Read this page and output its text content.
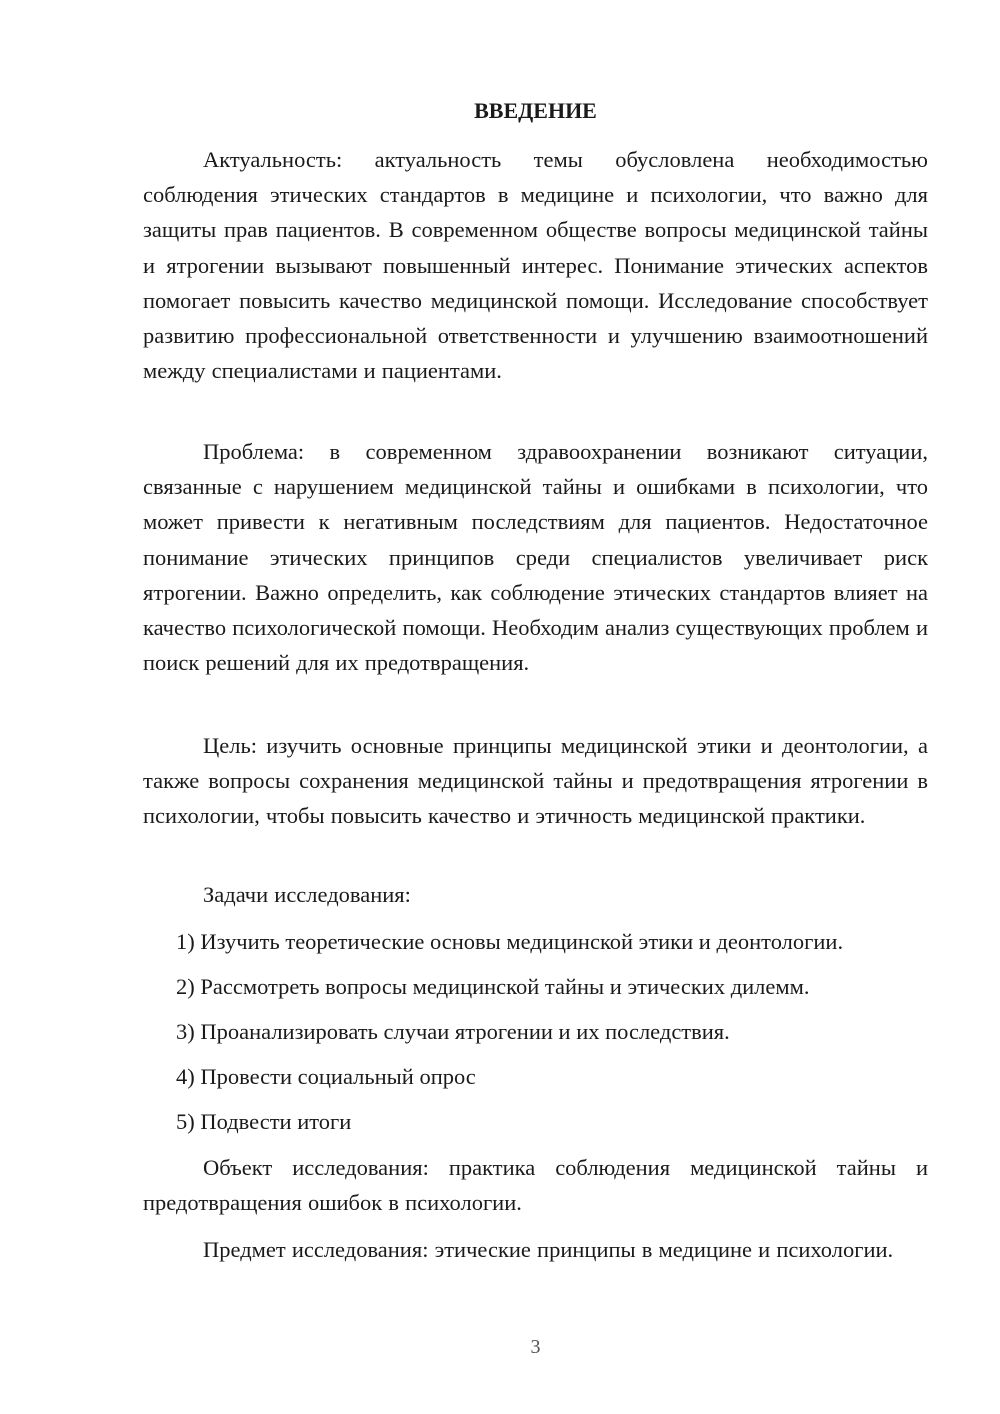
ВВЕДЕНИЕ

Актуальность: актуальность темы обусловлена необходимостью соблюдения этических стандартов в медицине и психологии, что важно для защиты прав пациентов. В современном обществе вопросы медицинской тайны и ятрогении вызывают повышенный интерес. Понимание этических аспектов помогает повысить качество медицинской помощи. Исследование способствует развитию профессиональной ответственности и улучшению взаимоотношений между специалистами и пациентами.

Проблема: в современном здравоохранении возникают ситуации, связанные с нарушением медицинской тайны и ошибками в психологии, что может привести к негативным последствиям для пациентов. Недостаточное понимание этических принципов среди специалистов увеличивает риск ятрогении. Важно определить, как соблюдение этических стандартов влияет на качество психологической помощи. Необходим анализ существующих проблем и поиск решений для их предотвращения.

Цель: изучить основные принципы медицинской этики и деонтологии, а также вопросы сохранения медицинской тайны и предотвращения ятрогении в психологии, чтобы повысить качество и этичность медицинской практики.

Задачи исследования:

1) Изучить теоретические основы медицинской этики и деонтологии.

2) Рассмотреть вопросы медицинской тайны и этических дилемм.

3) Проанализировать случаи ятрогении и их последствия.

4) Провести социальный опрос

5) Подвести итоги

Объект исследования: практика соблюдения медицинской тайны и предотвращения ошибок в психологии.

Предмет исследования: этические принципы в медицине и психологии.

3
